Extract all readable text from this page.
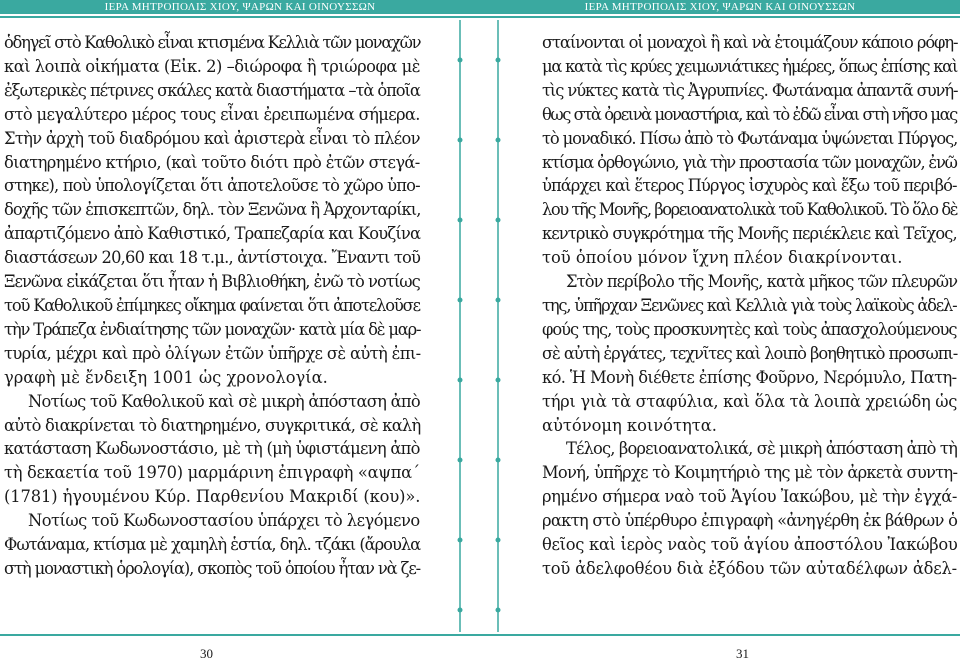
ΙΕΡΑ ΜΗΤΡΟΠΟΛΙΣ ΧΙΟΥ, ΨΑΡΩΝ ΚΑΙ ΟΙΝΟΥΣΣΩΝ

ὁδηγεῖ στὸ Καθολικὸ εἶναι κτισμένα Κελλιὰ τῶν μοναχῶν
καὶ λοιπὰ οἰκήματα (Εἰκ. 2) –διώροφα ἢ τριώροφα μὲ
ἐξωτερικὲς πέτρινες σκάλες κατὰ διαστήματα –τὰ ὁποῖα
στὸ μεγαλύτερο μέρος τους εἶναι ἐρειπωμένα σήμερα.
Στὴν ἀρχὴ τοῦ διαδρόμου καὶ ἀριστερὰ εἶναι τὸ πλέον
διατηρημένο κτήριο, (καὶ τοῦτο διότι πρὸ ἐτῶν στεγά-
στηκε), ποὺ ὑπολογίζεται ὅτι ἀποτελοῦσε τὸ χῶρο ὑπο-
δοχῆς τῶν ἐπισκεπτῶν, δηλ. τὸν Ξενῶνα ἢ Ἀρχονταρίκι,
ἀπαρτιζόμενο ἀπὸ Καθιστικό, Τραπεζαρία και Κουζίνα
διαστάσεων 20,60 και 18 τ.μ., ἀντίστοιχα. Ἔναντι τοῦ
Ξενῶνα εἰκάζεται ὅτι ἦταν ἡ Βιβλιοθήκη, ἐνῶ τὸ νοτίως
τοῦ Καθολικοῦ ἐπίμηκες οἴκημα φαίνεται ὅτι ἀποτελοῦσε
τὴν Τράπεζα ἐνδιαίτησης τῶν μοναχῶν· κατὰ μία δὲ μαρ-
τυρία, μέχρι καὶ πρὸ ὀλίγων ἐτῶν ὑπῆρχε σὲ αὐτὴ ἐπι-
γραφὴ μὲ ἔνδειξη 1001 ὡς χρονολογία.

Νοτίως τοῦ Καθολικοῦ καὶ σὲ μικρὴ ἀπόσταση ἀπὸ
αὐτὸ διακρίνεται τὸ διατηρημένο, συγκριτικά, σὲ καλὴ
κατάσταση Κωδωνοστάσιο, μὲ τὴ (μὴ ὑφιστάμενη ἀπὸ
τὴ δεκαετία τοῦ 1970) μαρμάρινη ἐπιγραφὴ «αψπα΄
(1781) ἡγουμένου Κύρ. Παρθενίου Μακριδί (κου)».

Νοτίως τοῦ Κωδωνοστασίου ὑπάρχει τὸ λεγόμενο
Φωτάναμα, κτίσμα μὲ χαμηλὴ ἑστία, δηλ. τζάκι (ἄρουλα
στὴ μοναστικὴ ὁρολογία), σκοπὸς τοῦ ὁποίου ἦταν νὰ ζε-

30
ΙΕΡΑ ΜΗΤΡΟΠΟΛΙΣ ΧΙΟΥ, ΨΑΡΩΝ ΚΑΙ ΟΙΝΟΥΣΣΩΝ

σταίνονται οἱ μοναχοὶ ἢ καὶ νὰ ἑτοιμάζουν κάποιο ρόφη-
μα κατὰ τὶς κρύες χειμωνιάτικες ἡμέρες, ὅπως ἐπίσης καὶ
τὶς νύκτες κατὰ τὶς Ἀγρυπνίες. Φωτάναμα ἀπαντᾶ συνή-
θως στὰ ὀρεινὰ μοναστήρια, καὶ τὸ ἐδῶ εἶναι στὴ νῆσο μας
τὸ μοναδικό. Πίσω ἀπὸ τὸ Φωτάναμα ὑψώνεται Πύργος,
κτίσμα ὀρθογώνιο, γιὰ τὴν προστασία τῶν μοναχῶν, ἐνῶ
ὑπάρχει καὶ ἕτερος Πύργος ἰσχυρὸς καὶ ἔξω τοῦ περιβό-
λου τῆς Μονῆς, βορειοανατολικὰ τοῦ Καθολικοῦ. Τὸ ὅλο δὲ
κεντρικὸ συγκρότημα τῆς Μονῆς περιέκλειε καὶ Τεῖχος,
τοῦ ὁποίου μόνον ἴχνη πλέον διακρίνονται.

Στὸν περίβολο τῆς Μονῆς, κατὰ μῆκος τῶν πλευρῶν
της, ὑπῆρχαν Ξενῶνες καὶ Κελλιὰ γιὰ τοὺς λαϊκοὺς ἀδελ-
φούς της, τοὺς προσκυνητὲς καὶ τοὺς ἀπασχολούμενους
σὲ αὐτὴ ἐργάτες, τεχνῖτες καὶ λοιπὸ βοηθητικὸ προσωπι-
κό. Ἡ Μονὴ διέθετε ἐπίσης Φοῦρνο, Νερόμυλο, Πατη-
τήρι γιὰ τὰ σταφύλια, καὶ ὅλα τὰ λοιπὰ χρειώδη ὡς
αὐτόνομη κοινότητα.

Τέλος, βορειοανατολικά, σὲ μικρὴ ἀπόσταση ἀπὸ τὴ
Μονή, ὑπῆρχε τὸ Κοιμητήριὸ της μὲ τὸν ἀρκετὰ συντη-
ρημένο σήμερα ναὸ τοῦ Ἁγίου Ἰακώβου, μὲ τὴν ἐγχά-
ρακτη στὸ ὑπέρθυρο ἐπιγραφὴ «ἀνηγέρθη ἐκ βάθρων ὁ
θεῖος καὶ ἱερὸς ναὸς τοῦ ἁγίου ἀποστόλου Ἰακώβου
τοῦ ἀδελφοθέου διὰ ἐξόδου τῶν αὐταδέλφων ἀδελ-

31
